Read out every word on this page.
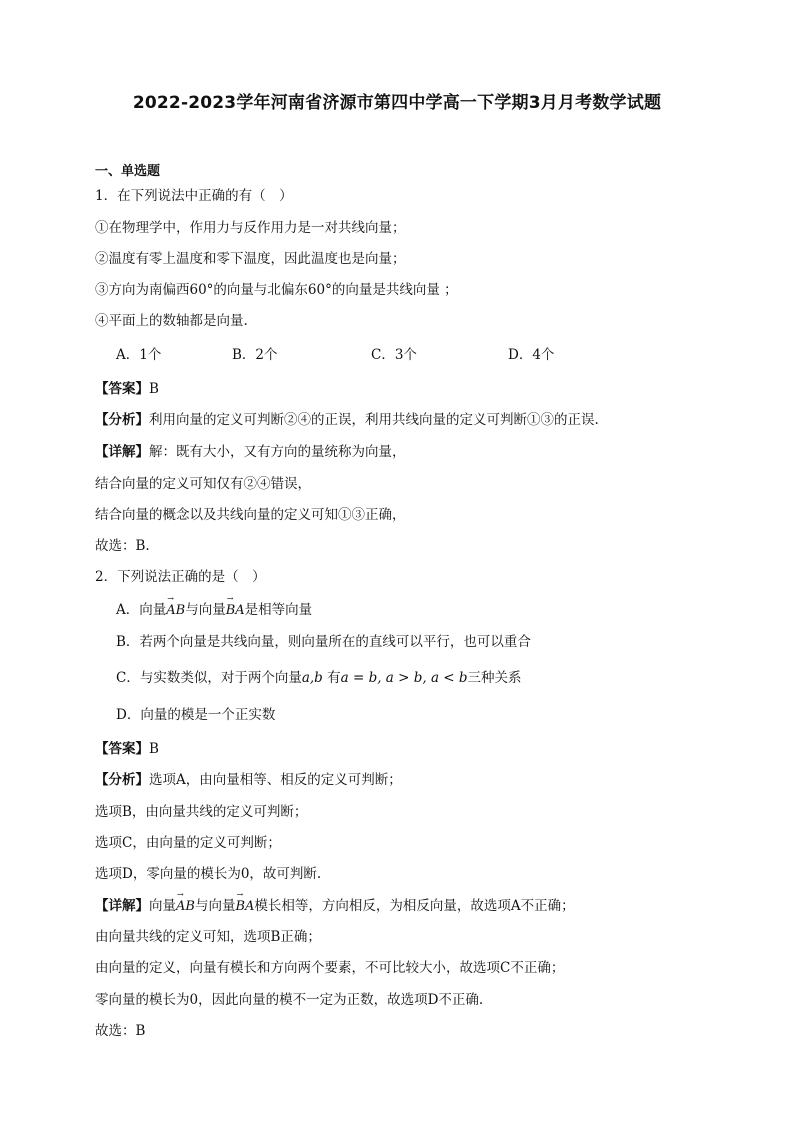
2022-2023学年河南省济源市第四中学高一下学期3月月考数学试题
一、单选题
1．在下列说法中正确的有（　）
①在物理学中，作用力与反作用力是一对共线向量；
②温度有零上温度和零下温度，因此温度也是向量；
③方向为南偏西60°的向量与北偏东60°的向量是共线向量 ；
④平面上的数轴都是向量.
A．1个	B．2个	C．3个	D．4个
【答案】B
【分析】利用向量的定义可判断②④的正误，利用共线向量的定义可判断①③的正误.
【详解】解：既有大小，又有方向的量统称为向量，
结合向量的定义可知仅有②④错误，
结合向量的概念以及共线向量的定义可知①③正确，
故选：B.
2．下列说法正确的是（　）
A．向量
→
AB与向量
→
BA是相等向量
B．若两个向量是共线向量，则向量所在的直线可以平行，也可以重合
C．与实数类似，对于两个向量a,b 有a = b, a > b, a < b三种关系
D．向量的模是一个正实数
【答案】B
【分析】选项A，由向量相等、相反的定义可判断；
选项B，由向量共线的定义可判断；
选项C，由向量的定义可判断；
选项D，零向量的模长为0，故可判断.
【详解】向量
→
AB与向量
→
BA模长相等，方向相反，为相反向量，故选项A不正确；
由向量共线的定义可知，选项B正确；
由向量的定义，向量有模长和方向两个要素，不可比较大小，故选项C不正确；
零向量的模长为0，因此向量的模不一定为正数，故选项D不正确.
故选：B
